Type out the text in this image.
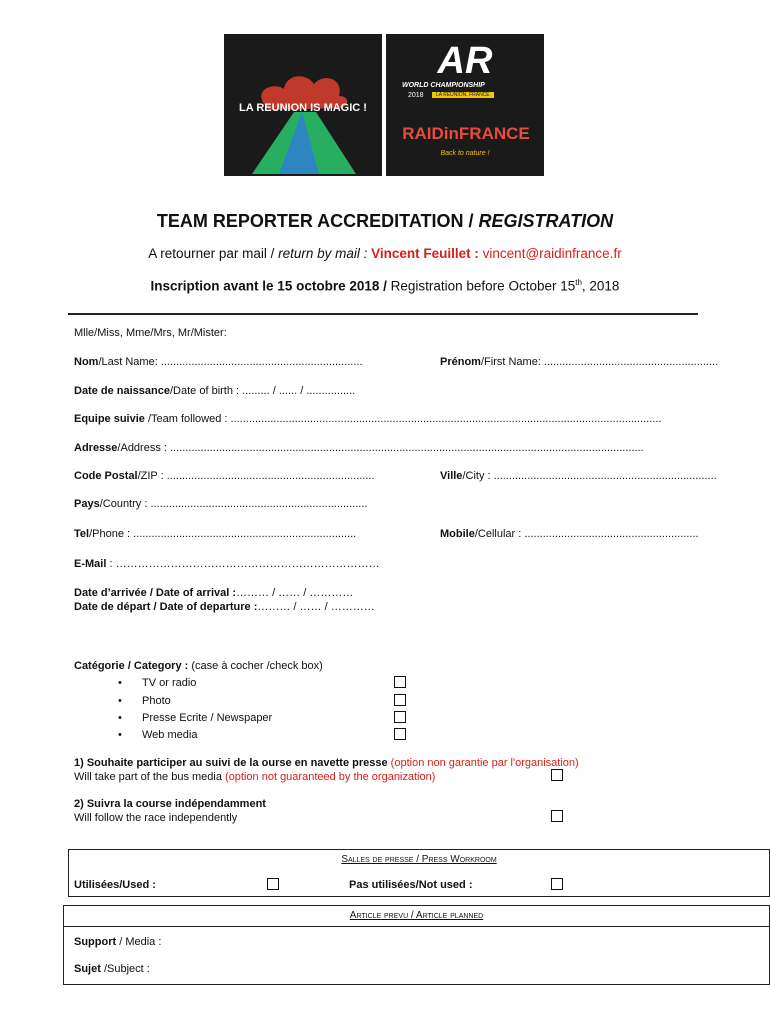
LA REUNION IS MAGIC !
AR
WORLD CHAMPIONSHIP
2018	LA REUNION, FRANCE
RAIDinFRANCE
Back to nature !
TEAM REPORTER ACCREDITATION / REGISTRATION
A retourner par mail / return by mail : Vincent Feuillet : vincent@raidinfrance.fr
Inscription avant le 15 octobre 2018 / Registration before October 15th, 2018
Mlle/Miss, Mme/Mrs, Mr/Mister:
Nom/Last Name: ..................................................................	Prénom/First Name: .........................................................
Date de naissance/Date of birth : ......... / ...... / ................
Equipe suivie /Team followed : .............................................................................................................................................
Adresse/Address : ...........................................................................................................................................................
Code Postal/ZIP : ....................................................................	Ville/City : .........................................................................
Pays/Country : .......................................................................
Tel/Phone : .........................................................................	Mobile/Cellular : .........................................................
E-Mail : ………………………………………………………………
Date d’arrivée / Date of arrival :……… / …… / …………
Date de départ / Date of departure :……… / …… / …………
Catégorie / Category : (case à cocher /check box)
• TV or radio
• Photo
• Presse Ecrite / Newspaper
• Web media
1) Souhaite participer au suivi de la ourse en navette presse (option non garantie par l'organisation)
Will take part of the bus media (option not guaranteed by the organization)
2) Suivra la course indépendamment
Will follow the race independently
Salles de presse / Press Workroom
Utilisées/Used :	Pas utilisées/Not used :
Article prevu / Article planned
Support / Media :
Sujet /Subject :
